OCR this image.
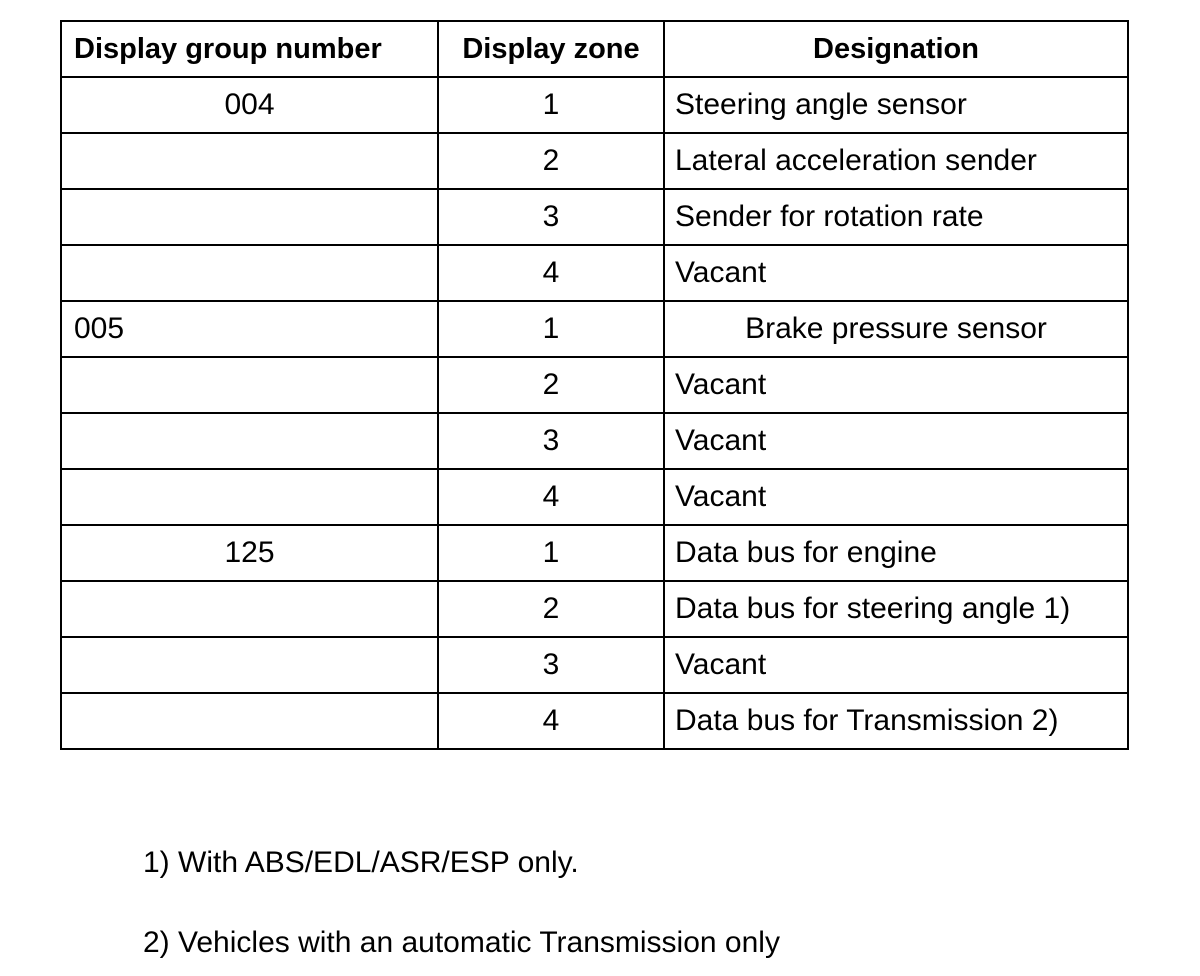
Display group number	Display zone	Designation
004	1	Steering angle sensor
	2	Lateral acceleration sender
	3	Sender for rotation rate
	4	Vacant
005	1	Brake pressure sensor
	2	Vacant
	3	Vacant
	4	Vacant
125	1	Data bus for engine
	2	Data bus for steering angle 1)
	3	Vacant
	4	Data bus for Transmission 2)
1) With ABS/EDL/ASR/ESP only.
2) Vehicles with an automatic Transmission only
